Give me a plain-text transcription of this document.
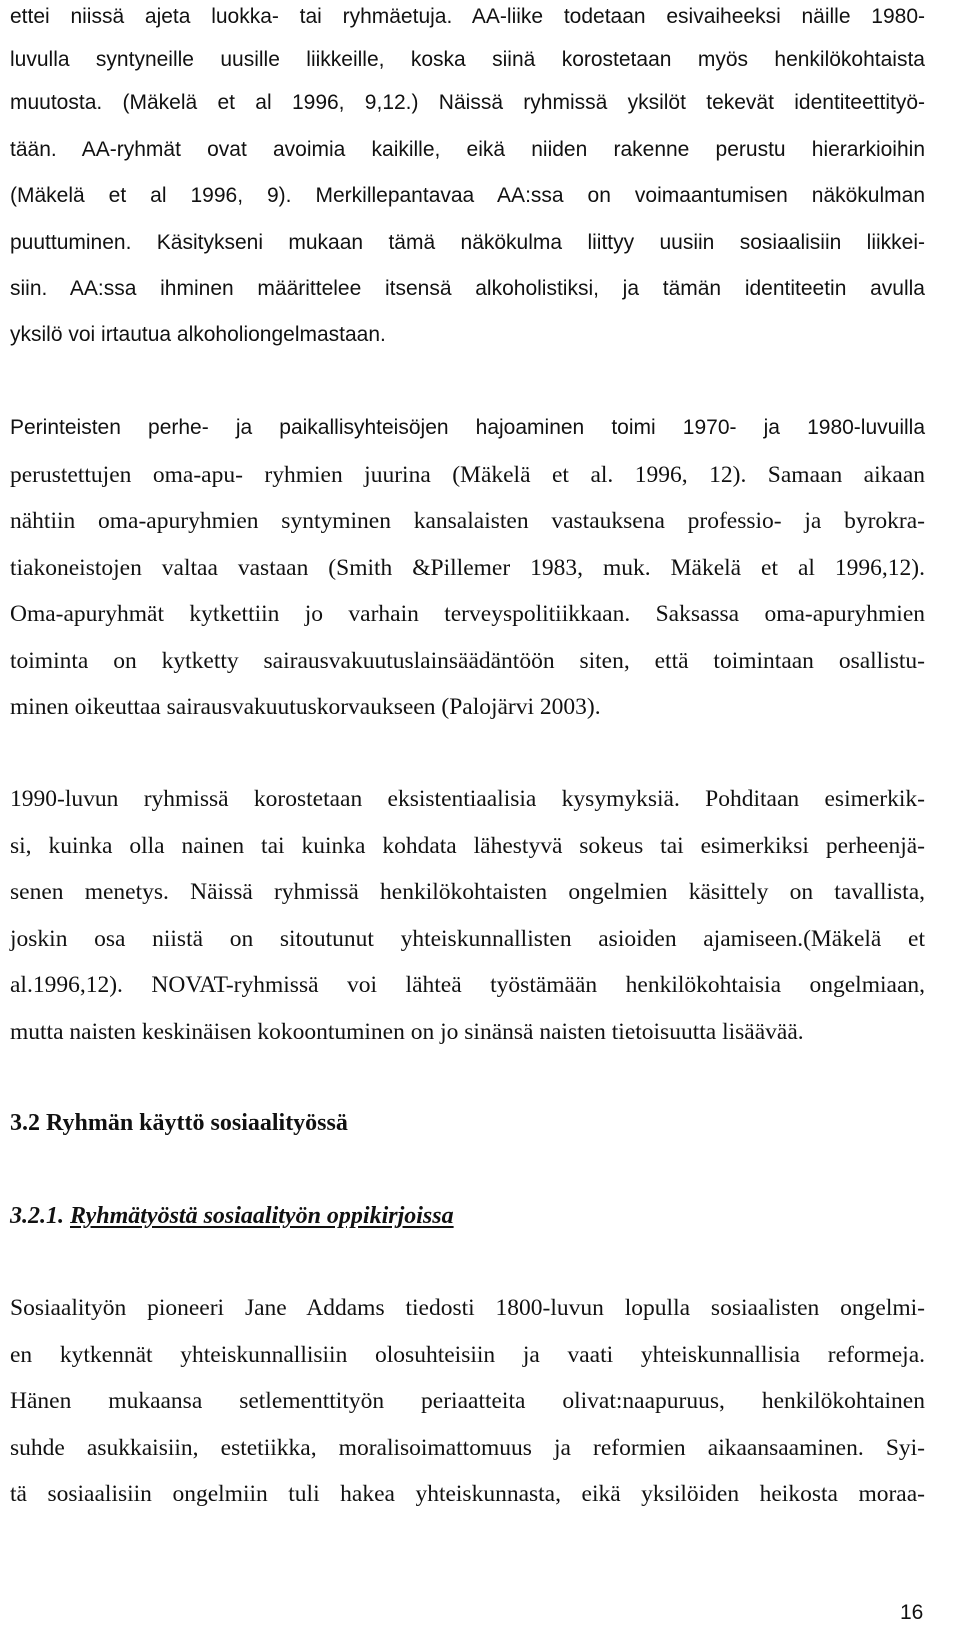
ettei niissä ajeta luokka- tai ryhmäetuja. AA-liike todetaan esivaiheeksi näille 1980-
luvulla syntyneille uusille liikkeille, koska siinä korostetaan myös henkilökohtaista
muutosta. (Mäkelä et al 1996, 9,12.) Näissä ryhmissä yksilöt tekevät identiteettityö-
tään. AA-ryhmät ovat avoimia kaikille, eikä niiden rakenne perustu hierarkioihin
(Mäkelä et al 1996, 9). Merkillepantavaa AA:ssa on voimaantumisen näkökulman
puuttuminen. Käsitykseni mukaan tämä näkökulma liittyy uusiin sosiaalisiin liikkei-
siin. AA:ssa ihminen määrittelee itsensä alkoholistiksi, ja tämän identiteetin avulla
yksilö voi irtautua alkoholiongelmastaan.
Perinteisten perhe- ja paikallisyhteisöjen hajoaminen toimi 1970- ja 1980-luvuilla
perustettujen oma-apu- ryhmien juurina (Mäkelä et al. 1996, 12). Samaan aikaan
nähtiin oma-apuryhmien syntyminen kansalaisten vastauksena professio- ja byrokra-
tiakoneistojen valtaa vastaan (Smith &Pillemer 1983, muk. Mäkelä et al 1996,12).
Oma-apuryhmät kytkettiin jo varhain terveyspolitiikkaan. Saksassa oma-apuryhmien
toiminta on kytketty sairausvakuutuslainsäädäntöön siten, että toimintaan osallistu-
minen oikeuttaa sairausvakuutuskorvaukseen (Palojärvi 2003).
1990-luvun ryhmissä korostetaan eksistentiaalisia kysymyksiä. Pohditaan esimerkik-
si, kuinka olla nainen tai kuinka kohdata lähestyvä sokeus tai esimerkiksi perheenjä-
senen menetys. Näissä ryhmissä henkilökohtaisten ongelmien käsittely on tavallista,
joskin osa niistä on sitoutunut yhteiskunnallisten asioiden ajamiseen.(Mäkelä et
al.1996,12). NOVAT-ryhmissä voi lähteä työstämään henkilökohtaisia ongelmiaan,
mutta naisten keskinäisen kokoontuminen on jo sinänsä naisten tietoisuutta lisäävää.
3.2 Ryhmän käyttö sosiaalityössä
3.2.1. Ryhmätyöstä sosiaalityön oppikirjoissa
Sosiaalityön pioneeri Jane Addams tiedosti 1800-luvun lopulla sosiaalisten ongelmi-
en kytkennät yhteiskunnallisiin olosuhteisiin ja vaati yhteiskunnallisia reformeja.
Hänen mukaansa setlementtityön periaatteita olivat:naapuruus, henkilökohtainen
suhde asukkaisiin, estetiikka, moralisoimattomuus ja reformien aikaansaaminen. Syi-
tä sosiaalisiin ongelmiin tuli hakea yhteiskunnasta, eikä yksilöiden heikosta moraa-
16
